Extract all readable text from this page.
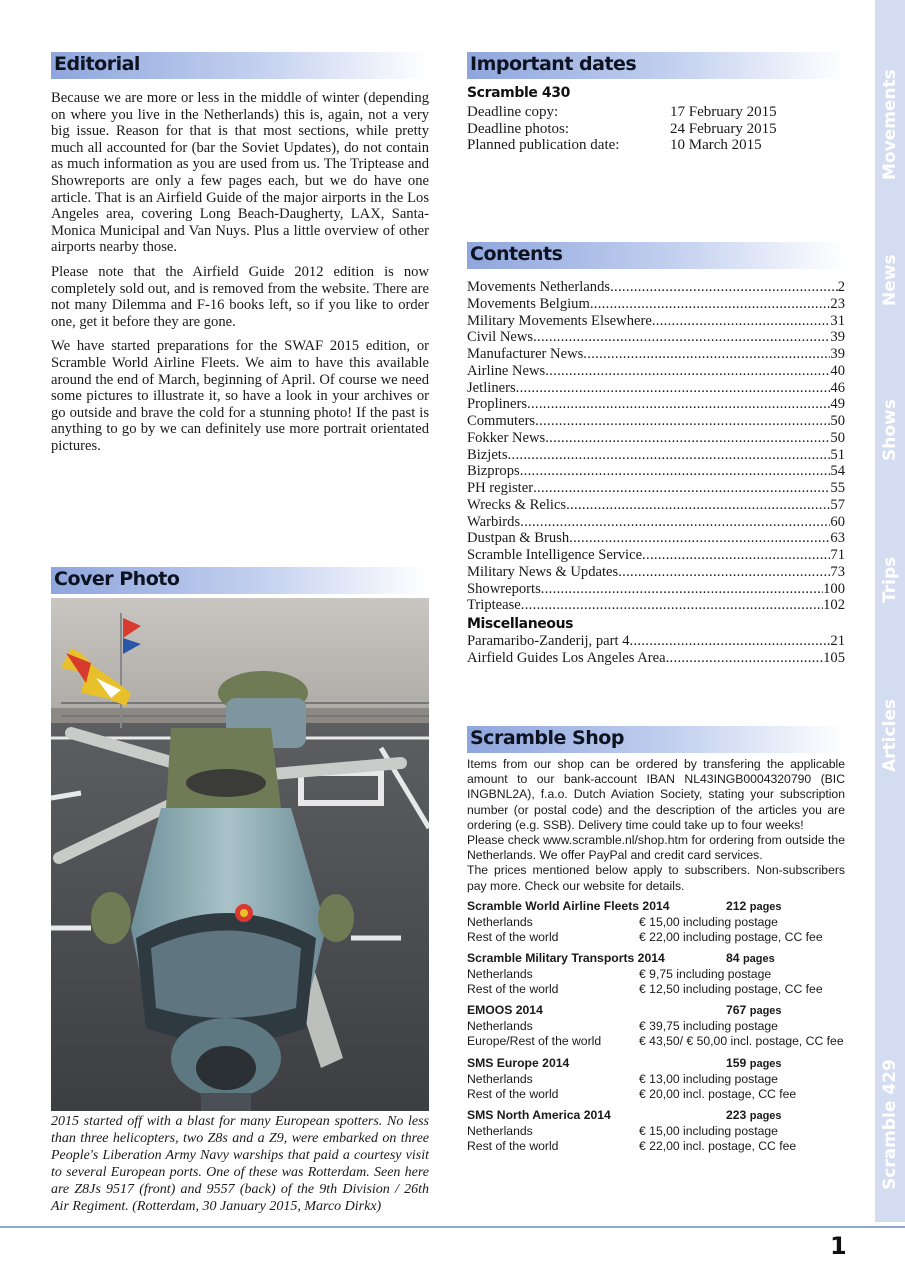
Editorial

Because we are more or less in the middle of winter (depending on where you live in the Netherlands) this is, again, not a very big issue. Reason for that is that most sections, while pretty much all accounted for (bar the Soviet Updates), do not contain as much information as you are used from us. The Triptease and Showreports are only a few pages each, but we do have one article. That is an Airfield Guide of the major airports in the Los Angeles area, covering Long Beach-Daugherty, LAX, Santa-Monica Municipal and Van Nuys. Plus a little overview of other airports nearby those.

Please note that the Airfield Guide 2012 edition is now completely sold out, and is removed from the website. There are not many Dilemma and F-16 books left, so if you like to order one, get it before they are gone.

We have started preparations for the SWAF 2015 edition, or Scramble World Airline Fleets. We aim to have this available around the end of March, beginning of April. Of course we need some pictures to illustrate it, so have a look in your archives or go outside and brave the cold for a stunning photo! If the past is anything to go by we can definitely use more portrait orientated pictures.

Cover Photo
2015 started off with a blast for many European spotters. No less than three helicopters, two Z8s and a Z9, were embarked on three People's Liberation Army Navy warships that paid a courtesy visit to several European ports. One of these was Rotterdam. Seen here are Z8Js 9517 (front) and 9557 (back) of the 9th Division / 26th Air Regiment. (Rotterdam, 30 January 2015, Marco Dirkx)
Important dates
Scramble 430
Deadline copy:	17 February 2015
Deadline photos:	24 February 2015
Planned publication date:	10 March 2015
Contents
Movements Netherlands .....	2
Movements Belgium .....	23
Military Movements Elsewhere .....	31
Civil News .....	39
Manufacturer News .....	39
Airline News .....	40
Jetliners .....	46
Propliners .....	49
Commuters .....	50
Fokker News .....	50
Bizjets .....	51
Bizprops .....	54
PH register .....	55
Wrecks & Relics .....	57
Warbirds .....	60
Dustpan & Brush .....	63
Scramble Intelligence Service .....	71
Military News & Updates .....	73
Showreports .....	100
Triptease .....	102
Miscellaneous
Paramaribo-Zanderij, part 4 .....	21
Airfield Guides Los Angeles Area .....	105
Scramble Shop

Items from our shop can be ordered by transfering the applicable amount to our bank-account IBAN NL43INGB0004320790 (BIC INGBNL2A), f.a.o. Dutch Aviation Society, stating your subscription number (or postal code) and the description of the articles you are ordering (e.g. SSB). Delivery time could take up to four weeks!

Please check www.scramble.nl/shop.htm for ordering from outside the Netherlands. We offer PayPal and credit card services.

The prices mentioned below apply to subscribers. Non-subscribers pay more. Check our website for details.

Scramble World Airline Fleets 2014	212 pages
Netherlands	€ 15,00 including postage
Rest of the world	€ 22,00 including postage, CC fee
Scramble Military Transports 2014	84 pages
Netherlands	€ 9,75 including postage
Rest of the world	€ 12,50 including postage, CC fee
EMOOS 2014	767 pages
Netherlands	€ 39,75 including postage
Europe/Rest of the world	€ 43,50/ € 50,00 incl. postage, CC fee
SMS Europe 2014	159 pages
Netherlands	€ 13,00 including postage
Rest of the world	€ 20,00 incl. postage, CC fee
SMS North America 2014	223 pages
Netherlands	€ 15,00 including postage
Rest of the world	€ 22,00 incl. postage, CC fee
Movements
News
Shows
Trips
Articles
Scramble 429
1
